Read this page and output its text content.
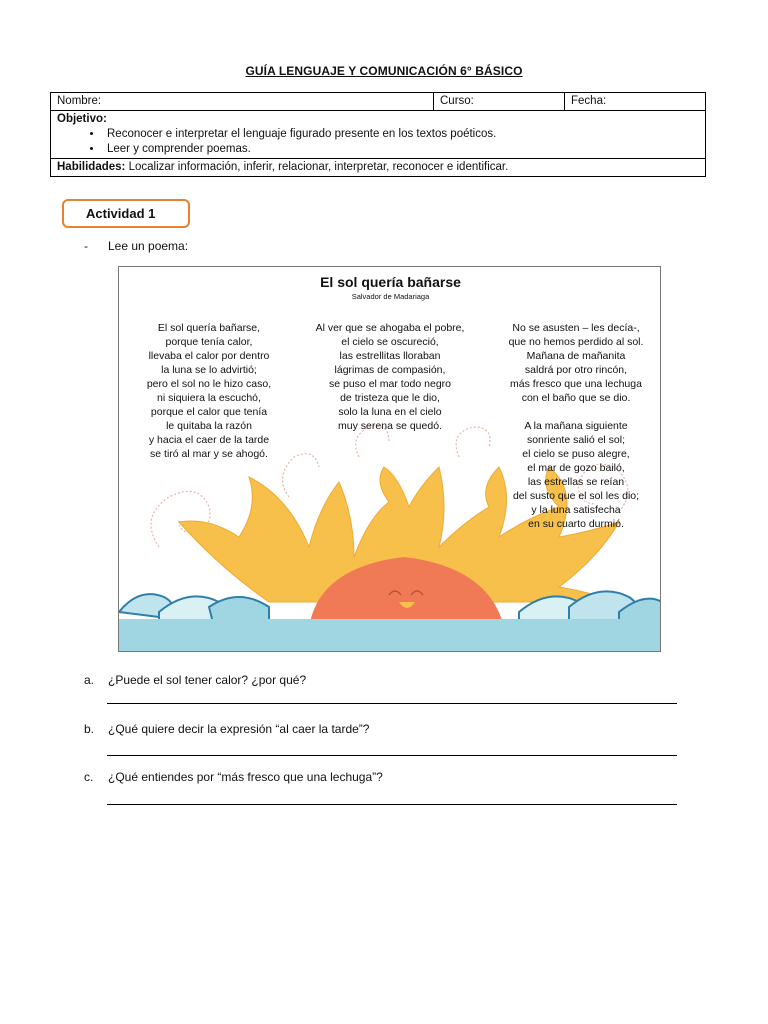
GUÍA LENGUAJE Y COMUNICACIÓN 6° BÁSICO
Nombre:	Curso:	Fecha:
Objetivo:
• Reconocer e interpretar el lenguaje figurado presente en los textos poéticos.
• Leer y comprender poemas.

Habilidades: Localizar información, inferir, relacionar, interpretar, reconocer e identificar.
Actividad 1
- Lee un poema:
El sol quería bañarse
Salvador de Madariaga
El sol quería bañarse,
porque tenía calor,
llevaba el calor por dentro
la luna se lo advirtió;
pero el sol no le hizo caso,
ni siquiera la escuchó,
porque el calor que tenía
le quitaba la razón
y hacia el caer de la tarde
se tiró al mar y se ahogó.
Al ver que se ahogaba el pobre,
el cielo se oscureció,
las estrellitas lloraban
lágrimas de compasión,
se puso el mar todo negro
de tristeza que le dio,
solo la luna en el cielo
muy serena se quedó.
No se asusten – les decía-,
que no hemos perdido al sol.
Mañana de mañanita
saldrá por otro rincón,
más fresco que una lechuga
con el baño que se dio.
A la mañana siguiente
sonriente salió el sol;
el cielo se puso alegre,
el mar de gozo bailó,
las estrellas se reían
del susto que el sol les dio;
y la luna satisfecha
en su cuarto durmió.
a. ¿Puede el sol tener calor? ¿por qué?
b. ¿Qué quiere decir la expresión “al caer la tarde”?
c. ¿Qué entiendes por “más fresco que una lechuga”?
